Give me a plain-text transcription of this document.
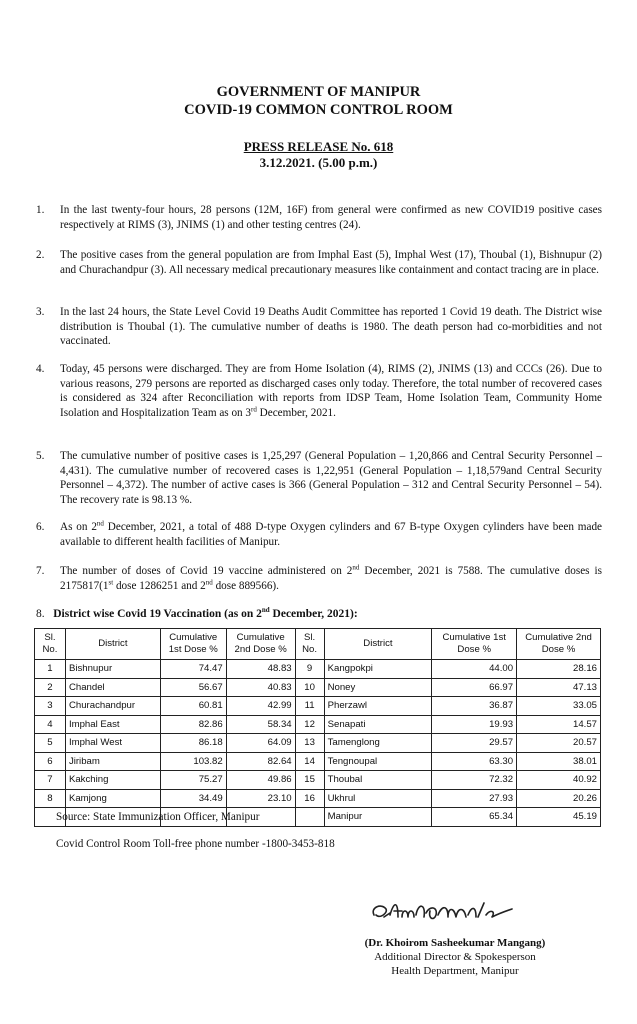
GOVERNMENT OF MANIPUR
COVID-19 COMMON CONTROL ROOM
PRESS RELEASE No. 618
3.12.2021. (5.00 p.m.)
1.	In the last twenty-four hours, 28 persons (12M, 16F) from general were confirmed as new COVID19 positive cases respectively at RIMS (3), JNIMS (1) and other testing centres (24).
2.	The positive cases from the general population are from Imphal East (5), Imphal West (17), Thoubal (1), Bishnupur (2) and Churachandpur (3). All necessary medical precautionary measures like containment and contact tracing are in place.
3.	In the last 24 hours, the State Level Covid 19 Deaths Audit Committee has reported 1 Covid 19 death. The District wise distribution is Thoubal (1). The cumulative number of deaths is 1980. The death person had co-morbidities and not vaccinated.
4.	Today, 45 persons were discharged. They are from Home Isolation (4), RIMS (2), JNIMS (13) and CCCs (26). Due to various reasons, 279 persons are reported as discharged cases only today. Therefore, the total number of recovered cases is considered as 324 after Reconciliation with reports from IDSP Team, Home Isolation Team, Community Home Isolation and Hospitalization Team as on 3rd December, 2021.
5.	The cumulative number of positive cases is 1,25,297 (General Population – 1,20,866 and Central Security Personnel – 4,431). The cumulative number of recovered cases is 1,22,951 (General Population – 1,18,579and Central Security Personnel – 4,372). The number of active cases is 366 (General Population – 312 and Central Security Personnel – 54). The recovery rate is 98.13 %.
6.	As on 2nd December, 2021, a total of 488 D-type Oxygen cylinders and 67 B-type Oxygen cylinders have been made available to different health facilities of Manipur.
7.	The number of doses of Covid 19 vaccine administered on 2nd December, 2021 is 7588. The cumulative doses is 2175817(1st dose 1286251 and 2nd dose 889566).
8. District wise Covid 19 Vaccination (as on 2nd December, 2021):
Sl. No.	District	Cumulative 1st Dose %	Cumulative 2nd Dose %	Sl. No.	District	Cumulative 1st Dose %	Cumulative 2nd Dose %
1	Bishnupur	74.47	48.83	9	Kangpokpi	44.00	28.16
2	Chandel	56.67	40.83	10	Noney	66.97	47.13
3	Churachandpur	60.81	42.99	11	Pherzawl	36.87	33.05
4	Imphal East	82.86	58.34	12	Senapati	19.93	14.57
5	Imphal West	86.18	64.09	13	Tamenglong	29.57	20.57
6	Jiribam	103.82	82.64	14	Tengnoupal	63.30	38.01
7	Kakching	75.27	49.86	15	Thoubal	72.32	40.92
8	Kamjong	34.49	23.10	16	Ukhrul	27.93	20.26
					Manipur	65.34	45.19
Source: State Immunization Officer, Manipur
Covid Control Room Toll-free phone number -1800-3453-818
(Dr. Khoirom Sasheekumar Mangang)
Additional Director & Spokesperson
Health Department, Manipur
